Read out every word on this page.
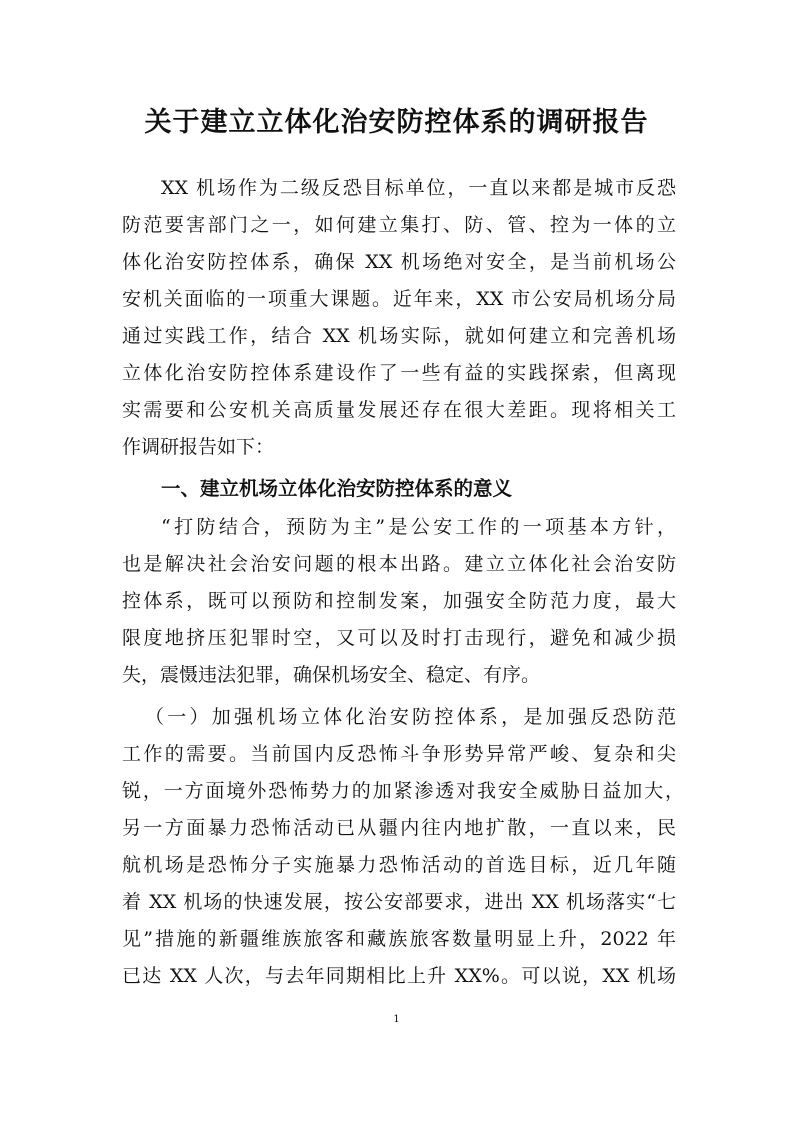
关于建立立体化治安防控体系的调研报告
XX 机场作为二级反恐目标单位，一直以来都是城市反恐
防范要害部门之一，如何建立集打、防、管、控为一体的立
体化治安防控体系，确保 XX 机场绝对安全，是当前机场公
安机关面临的一项重大课题。近年来，XX 市公安局机场分局
通过实践工作，结合 XX 机场实际，就如何建立和完善机场
立体化治安防控体系建设作了一些有益的实践探索，但离现
实需要和公安机关高质量发展还存在很大差距。现将相关工
作调研报告如下：
一、建立机场立体化治安防控体系的意义
“打防结合，预防为主”是公安工作的一项基本方针，
也是解决社会治安问题的根本出路。建立立体化社会治安防
控体系，既可以预防和控制发案，加强安全防范力度，最大
限度地挤压犯罪时空，又可以及时打击现行，避免和减少损
失，震慑违法犯罪，确保机场安全、稳定、有序。
（一）加强机场立体化治安防控体系，是加强反恐防范
工作的需要。当前国内反恐怖斗争形势异常严峻、复杂和尖
锐，一方面境外恐怖势力的加紧渗透对我安全威胁日益加大，
另一方面暴力恐怖活动已从疆内往内地扩散，一直以来，民
航机场是恐怖分子实施暴力恐怖活动的首选目标，近几年随
着 XX 机场的快速发展，按公安部要求，进出 XX 机场落实“七
见”措施的新疆维族旅客和藏族旅客数量明显上升，2022 年
已达 XX 人次，与去年同期相比上升 XX%。可以说，XX 机场
1
